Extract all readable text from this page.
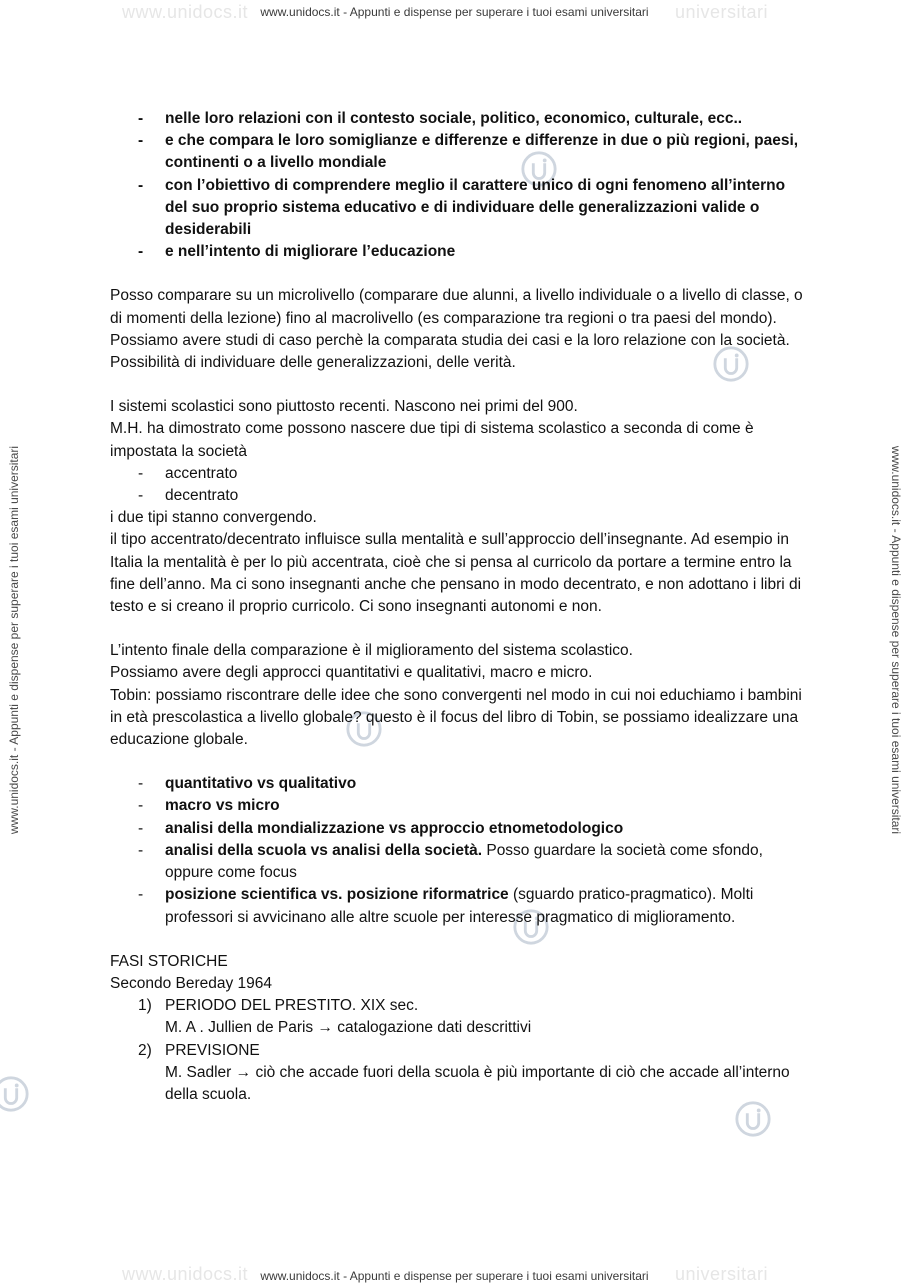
www.unidocs.it	universitari
www.unidocs.it - Appunti e dispense per superare i tuoi esami universitari
www.unidocs.it	universitari
www.unidocs.it - Appunti e dispense per superare i tuoi esami universitari
www.unidocs.it - Appunti e dispense per superare i tuoi esami universitari	www.unidocs.it - Appunti e dispense per superare i tuoi esami universitari
- nelle loro relazioni con il contesto sociale, politico, economico, culturale, ecc..
- e che compara le loro somiglianze e differenze e differenze in due o più regioni, paesi, continenti o a livello mondiale
- con l’obiettivo di comprendere meglio il carattere unico di ogni fenomeno all’interno del suo proprio sistema educativo e di individuare delle generalizzazioni valide o desiderabili
- e nell’intento di migliorare l’educazione

Posso comparare su un microlivello (comparare due alunni, a livello individuale o a livello di classe, o di momenti della lezione) fino al macrolivello (es comparazione tra regioni o tra paesi del mondo). Possiamo avere studi di caso perchè la comparata studia dei casi e la loro relazione con la società.

Possibilità di individuare delle generalizzazioni, delle verità.

I sistemi scolastici sono piuttosto recenti. Nascono nei primi del 900.

M.H. ha dimostrato come possono nascere due tipi di sistema scolastico a seconda di come è impostata la società

- accentrato
- decentrato

i due tipi stanno convergendo.

il tipo accentrato/decentrato influisce sulla mentalità e sull’approccio dell’insegnante. Ad esempio in Italia la mentalità è per lo più accentrata, cioè che si pensa al curricolo da portare a termine entro la fine dell’anno. Ma ci sono insegnanti anche che pensano in modo decentrato, e non adottano i libri di testo e si creano il proprio curricolo. Ci sono insegnanti autonomi e non.

L’intento finale della comparazione è il miglioramento del sistema scolastico.

Possiamo avere degli approcci quantitativi e qualitativi, macro e micro.

Tobin: possiamo riscontrare delle idee che sono convergenti nel modo in cui noi educhiamo i bambini in età prescolastica a livello globale? questo è il focus del libro di Tobin, se possiamo idealizzare una educazione globale.

- quantitativo vs qualitativo
- macro vs micro
- analisi della mondializzazione vs approccio etnometodologico
- analisi della scuola vs analisi della società. Posso guardare la società come sfondo, oppure come focus
- posizione scientifica vs. posizione riformatrice (sguardo pratico-pragmatico). Molti professori si avvicinano alle altre scuole per interesse pragmatico di miglioramento.

FASI STORICHE

Secondo Bereday 1964

1) PERIODO DEL PRESTITO. XIX sec.
M. A . Jullien de Paris → catalogazione dati descrittivi
2) PREVISIONE
M. Sadler → ciò che accade fuori della scuola è più importante di ciò che accade all’interno della scuola.
